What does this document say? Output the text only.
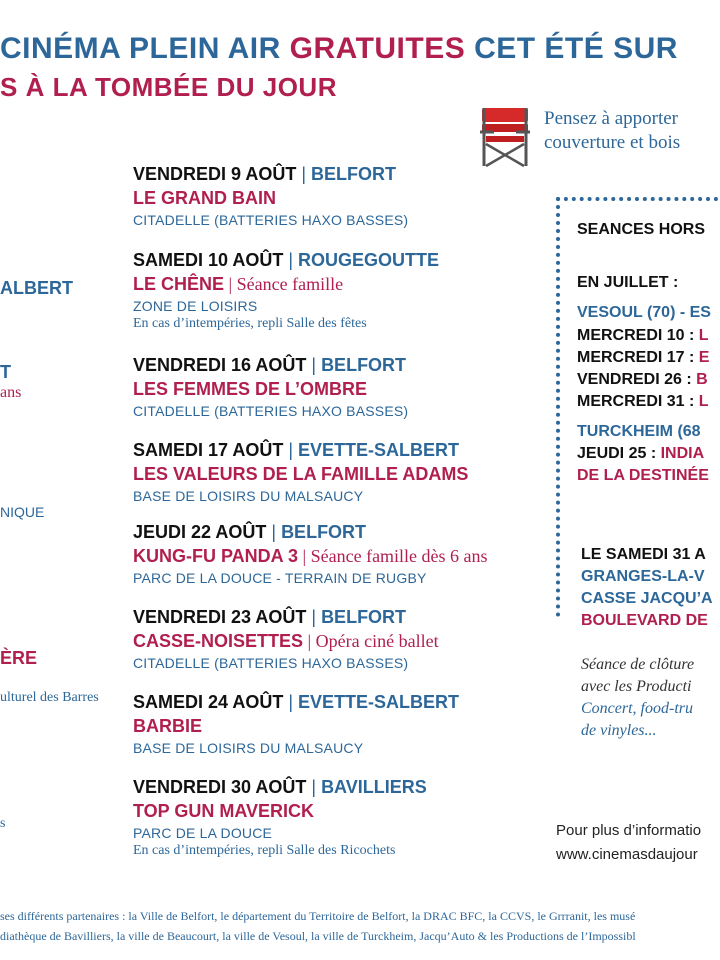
CINÉMA PLEIN AIR GRATUITES CET ÉTÉ SUR
S À LA TOMBÉE DU JOUR
Pensez à apporter
couverture et bois
ALBERT
T
ans
NIQUE
ÈRE
ulturel des Barres
s
VENDREDI 9 AOÛT | BELFORT
LE GRAND BAIN
CITADELLE (BATTERIES HAXO BASSES)
SAMEDI 10 AOÛT | ROUGEGOUTTE
LE CHÊNE | Séance famille
ZONE DE LOISIRS
En cas d’intempéries, repli Salle des fêtes
VENDREDI 16 AOÛT | BELFORT
LES FEMMES DE L’OMBRE
CITADELLE (BATTERIES HAXO BASSES)
SAMEDI 17 AOÛT | EVETTE-SALBERT
LES VALEURS DE LA FAMILLE ADAMS
BASE DE LOISIRS DU MALSAUCY
JEUDI 22 AOÛT | BELFORT
KUNG-FU PANDA 3 | Séance famille dès 6 ans
PARC DE LA DOUCE - TERRAIN DE RUGBY
VENDREDI 23 AOÛT | BELFORT
CASSE-NOISETTES | Opéra ciné ballet
CITADELLE (BATTERIES HAXO BASSES)
SAMEDI 24 AOÛT | EVETTE-SALBERT
BARBIE
BASE DE LOISIRS DU MALSAUCY
VENDREDI 30 AOÛT | BAVILLIERS
TOP GUN MAVERICK
PARC DE LA DOUCE
En cas d’intempéries, repli Salle des Ricochets
SEANCES HORS
EN JUILLET :
VESOUL (70) - ES
MERCREDI 10 : L
MERCREDI 17 : E
VENDREDI 26 : B
MERCREDI 31 : L
TURCKHEIM (68
JEUDI 25 : INDIA
DE LA DESTINÉE
LE SAMEDI 31 A
GRANGES-LA-V
CASSE JACQU’A
BOULEVARD DE
Séance de clôture
avec les Producti
Concert, food-tru
de vinyles...
Pour plus d’informatio
www.cinemasdaujour
ses différents partenaires : la Ville de Belfort, le département du Territoire de Belfort, la DRAC BFC, la CCVS, le Grrranit, les musé
diathèque de Bavilliers, la ville de Beaucourt, la ville de Vesoul, la ville de Turckheim, Jacqu’Auto & les Productions de l’Impossibl
